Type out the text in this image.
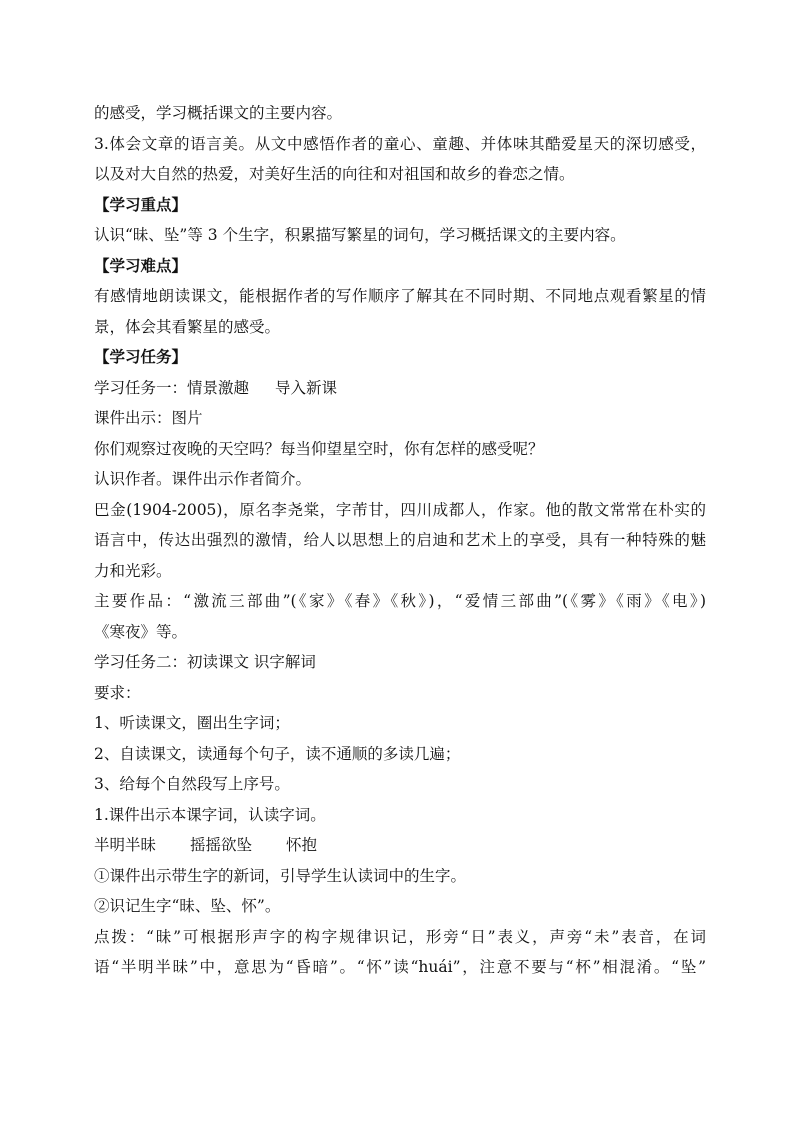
的感受，学习概括课文的主要内容。

3.体会文章的语言美。从文中感悟作者的童心、童趣、并体味其酷爱星天的深切感受，

以及对大自然的热爱，对美好生活的向往和对祖国和故乡的眷恋之情。

【学习重点】

认识“昧、坠”等 3 个生字，积累描写繁星的词句，学习概括课文的主要内容。

【学习难点】

有感情地朗读课文，能根据作者的写作顺序了解其在不同时期、不同地点观看繁星的情

景，体会其看繁星的感受。

【学习任务】

学习任务一：情景激趣 导入新课

课件出示：图片

你们观察过夜晚的天空吗？每当仰望星空时，你有怎样的感受呢？

认识作者。课件出示作者简介。

巴金(1904-2005)，原名李尧棠，字芾甘，四川成都人，作家。他的散文常常在朴实的

语言中，传达出强烈的激情，给人以思想上的启迪和艺术上的享受，具有一种特殊的魅

力和光彩。

主要作品：“激流三部曲”(《家》《春》《秋》)，“爱情三部曲”(《雾》《雨》《电》)

《寒夜》等。

学习任务二：初读课文 识字解词

要求：

1、听读课文，圈出生字词；

2、自读课文，读通每个句子，读不通顺的多读几遍；

3、给每个自然段写上序号。

1.课件出示本课字词，认读字词。

半明半昧 摇摇欲坠 怀抱

①课件出示带生字的新词，引导学生认读词中的生字。

②识记生字“昧、坠、怀”。

点拨：“昧”可根据形声字的构字规律识记，形旁“日”表义，声旁“未”表音，在词

语“半明半昧”中，意思为“昏暗”。“怀”读“huái”，注意不要与“杯”相混淆。“坠”
